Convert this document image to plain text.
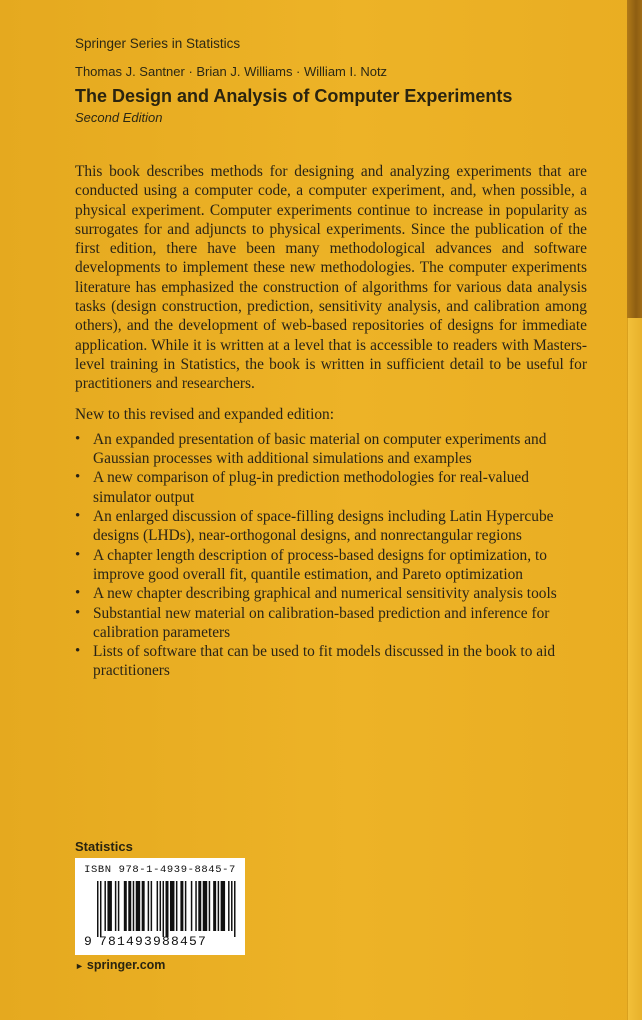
Springer Series in Statistics
Thomas J. Santner · Brian J. Williams · William I. Notz
The Design and Analysis of Computer Experiments
Second Edition

This book describes methods for designing and analyzing experiments that are conducted using a computer code, a computer experiment, and, when possible, a physical experiment. Computer experiments continue to increase in popularity as surrogates for and adjuncts to physical experiments. Since the publication of the first edition, there have been many methodological advances and software developments to implement these new methodologies. The computer experiments literature has emphasized the construction of algorithms for various data analysis tasks (design construction, prediction, sensitivity analysis, and calibration among others), and the development of web-based repositories of designs for immediate application. While it is written at a level that is accessible to readers with Masters-level training in Statistics, the book is written in sufficient detail to be useful for practitioners and researchers.

New to this revised and expanded edition:

• An expanded presentation of basic material on computer experiments and Gaussian processes with additional simulations and examples
• A new comparison of plug-in prediction methodologies for real-valued simulator output
• An enlarged discussion of space-filling designs including Latin Hypercube designs (LHDs), near-orthogonal designs, and nonrectangular regions
• A chapter length description of process-based designs for optimization, to improve good overall fit, quantile estimation, and Pareto optimization
• A new chapter describing graphical and numerical sensitivity analysis tools
• Substantial new material on calibration-based prediction and inference for calibration parameters
• Lists of software that can be used to fit models discussed in the book to aid practitioners
Statistics
ISBN 978-1-4939-8845-7
9 781493988457
► springer.com
